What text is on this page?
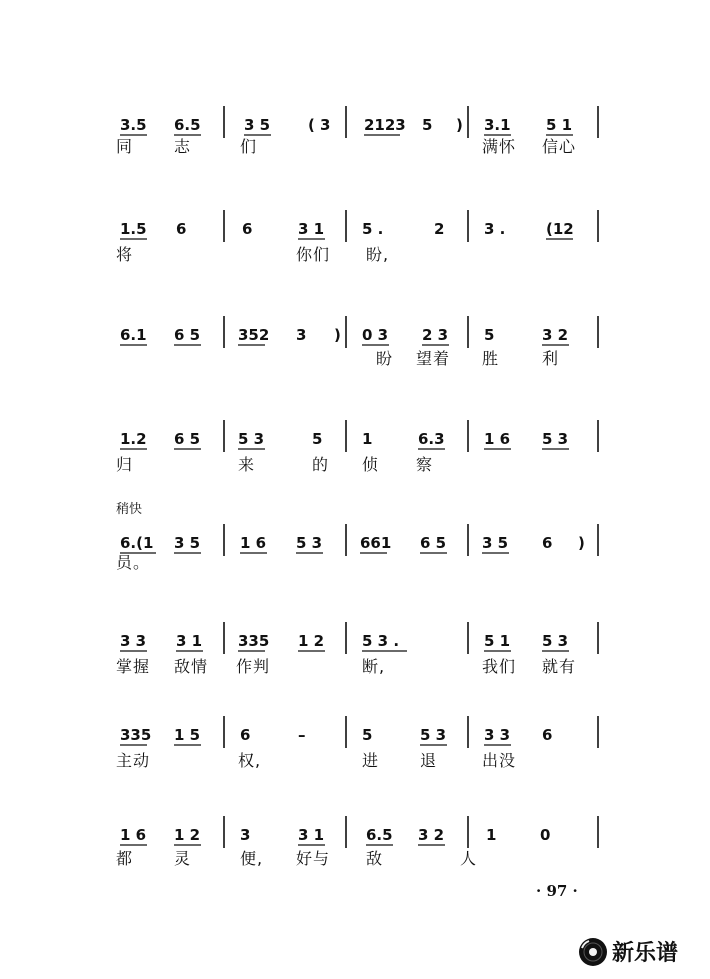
3.5 6.5	3 5	( 3 2123 5 ) 3.1 5 1
同	志	们	满怀 信心
1.5 6	6	3 1	5 .	2	3 .	(12
将	你们 盼,
6.1 6 5	352 3 ) 0 3 2 3 5	3 2
盼 望着 胜	利
1.2 6 5	5 3	5	1	6.3	1 6 5 3
归	来	的 侦 察
6.(1 3 5	1 6 5 3	661 6 5 3 5 6 )
员。
3 3 3 1 335 1 2	5 3 .	5 1 5 3
掌握 敌情 作判	断,	我们 就有
335 1 5	6	–	5	5 3	3 3 6
主动	权,	进	退	出没
1 6 1 2	3	3 1	6.5 3 2	1	0
都	灵	便, 好与 敌	人
稍快
· 97 ·
新乐谱
